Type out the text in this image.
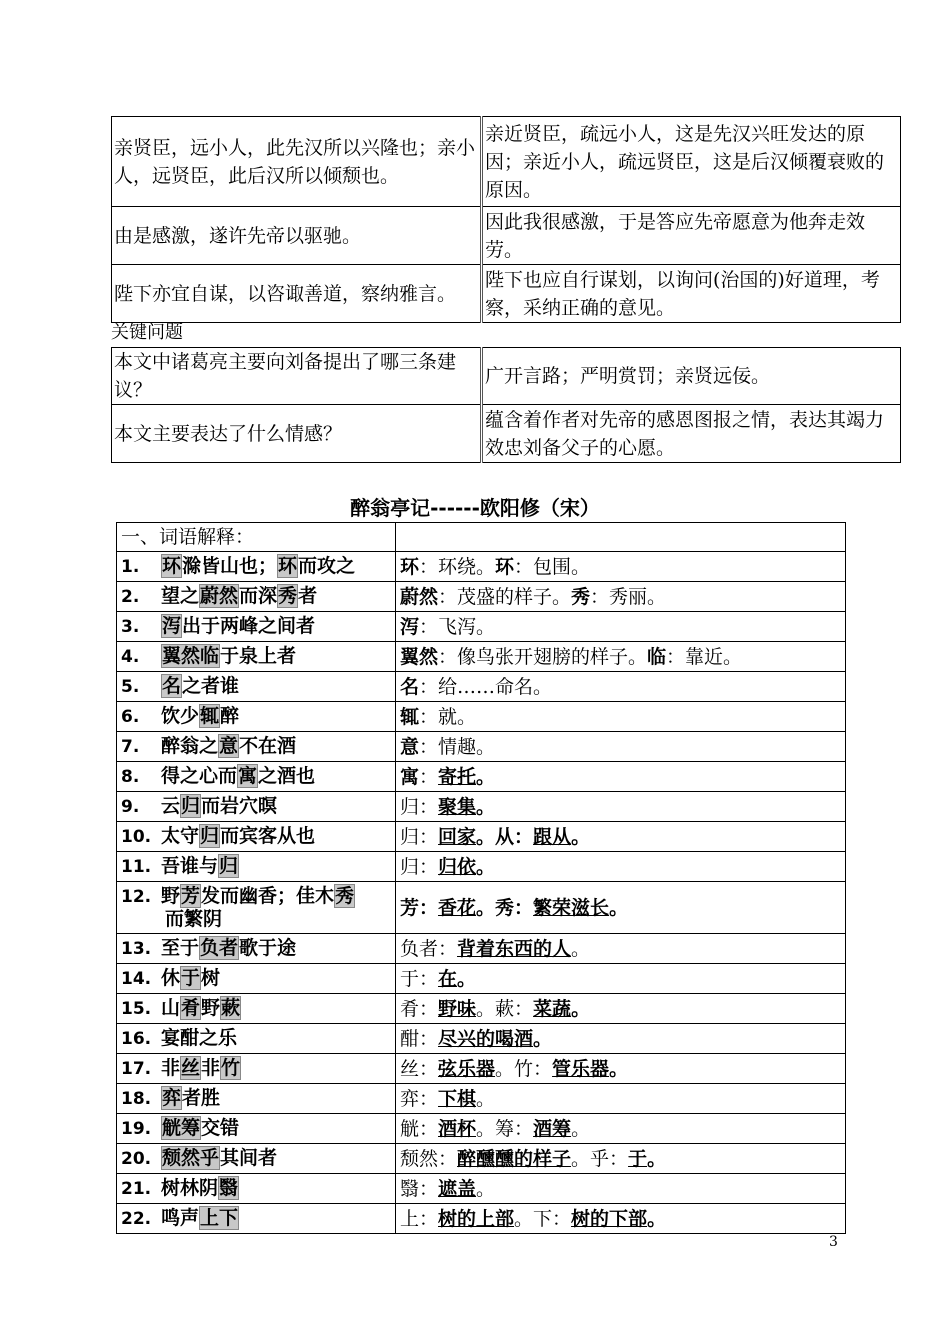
亲贤臣，远小人，此先汉所以兴隆也；亲小人，远贤臣，此后汉所以倾颓也。	亲近贤臣，疏远小人，这是先汉兴旺发达的原因；亲近小人，疏远贤臣，这是后汉倾覆衰败的原因。
由是感激，遂许先帝以驱驰。	因此我很感激，于是答应先帝愿意为他奔走效劳。
陛下亦宜自谋，以咨诹善道，察纳雅言。	陛下也应自行谋划，以询问(治国的)好道理，考察，采纳正确的意见。
关键问题
本文中诸葛亮主要向刘备提出了哪三条建议？	广开言路；严明赏罚；亲贤远佞。
本文主要表达了什么情感？	蕴含着作者对先帝的感恩图报之情，表达其竭力效忠刘备父子的心愿。
醉翁亭记------欧阳修（宋）
一、词语解释：	
1. 环滁皆山也；环而攻之	环：环绕。环：包围。
2. 望之蔚然而深秀者	蔚然：茂盛的样子。秀：秀丽。
3. 泻出于两峰之间者	泻：飞泻。
4. 翼然临于泉上者	翼然：像鸟张开翅膀的样子。临：靠近。
5. 名之者谁	名：给……命名。
6. 饮少辄醉	辄：就。
7. 醉翁之意不在酒	意：情趣。
8. 得之心而寓之酒也	寓：寄托。
9. 云归而岩穴暝	归：聚集。
10. 太守归而宾客从也	归：回家。从：跟从。
11. 吾谁与归	归：归依。
12. 野芳发而幽香；佳木秀
而繁阴	芳：香花。秀：繁荣滋长。
13. 至于负者歌于途	负者：背着东西的人。
14. 休于树	于：在。
15. 山肴野蔌	肴：野味。蔌：菜蔬。
16. 宴酣之乐	酣：尽兴的喝酒。
17. 非丝非竹	丝：弦乐器。竹：管乐器。
18. 弈者胜	弈：下棋。
19. 觥筹交错	觥：酒杯。筹：酒筹。
20. 颓然乎其间者	颓然：醉醺醺的样子。乎：于。
21. 树林阴翳	翳：遮盖。
22. 鸣声上下	上：树的上部。下：树的下部。
3
